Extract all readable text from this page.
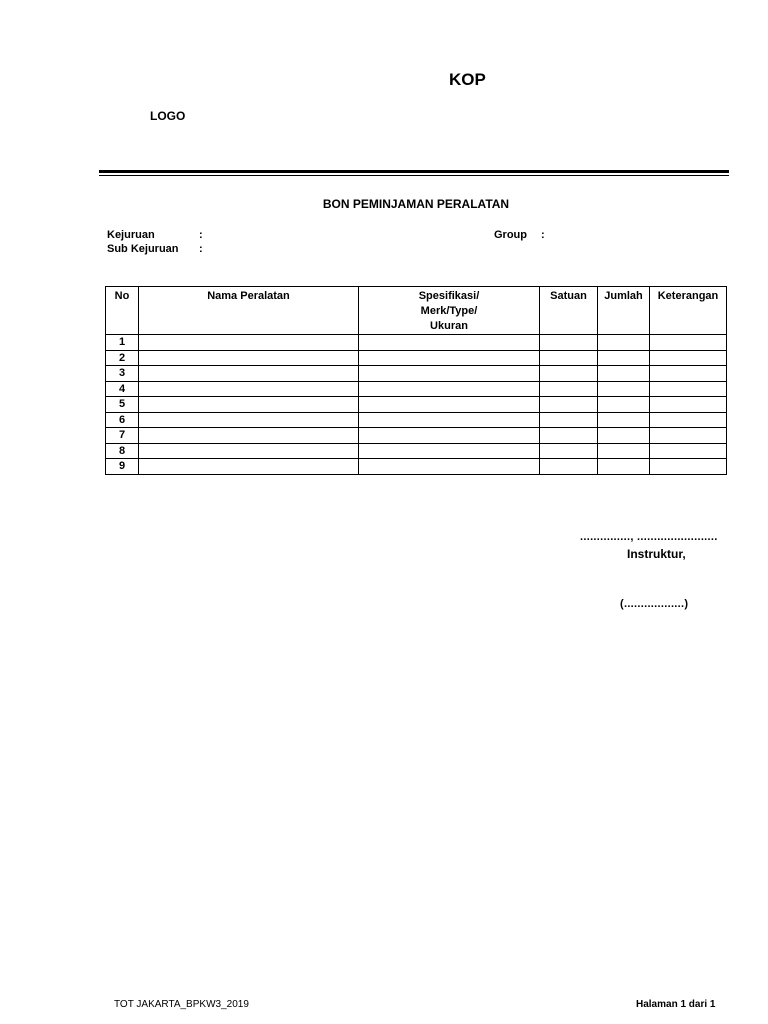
KOP
LOGO
BON PEMINJAMAN PERALATAN
Kejuruan	:
Sub Kejuruan :
Group :
No	Nama Peralatan	Spesifikasi/
Merk/Type/
Ukuran	Satuan	Jumlah	Keterangan
1					
2					
3					
4					
5					
6					
7					
8					
9					
..............., ........................
Instruktur,
(..................)
TOT JAKARTA_BPKW3_2019	Halaman 1 dari 1
